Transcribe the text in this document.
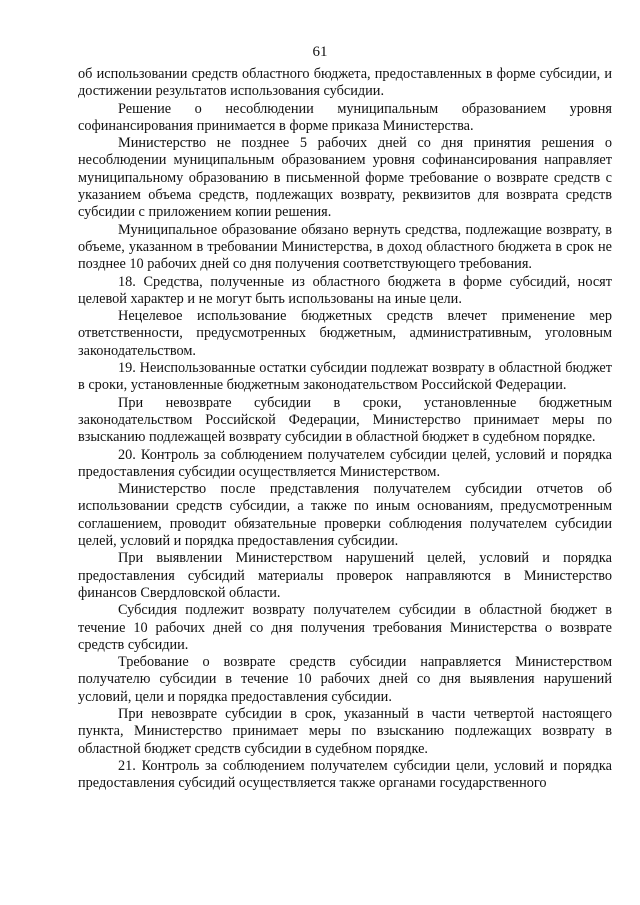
61

об использовании средств областного бюджета, предоставленных в форме субсидии, и достижении результатов использования субсидии.

Решение о несоблюдении муниципальным образованием уровня софинансирования принимается в форме приказа Министерства.

Министерство не позднее 5 рабочих дней со дня принятия решения о несоблюдении муниципальным образованием уровня софинансирования направляет муниципальному образованию в письменной форме требование о возврате средств с указанием объема средств, подлежащих возврату, реквизитов для возврата средств субсидии с приложением копии решения.

Муниципальное образование обязано вернуть средства, подлежащие возврату, в объеме, указанном в требовании Министерства, в доход областного бюджета в срок не позднее 10 рабочих дней со дня получения соответствующего требования.

18. Средства, полученные из областного бюджета в форме субсидий, носят целевой характер и не могут быть использованы на иные цели.

Нецелевое использование бюджетных средств влечет применение мер ответственности, предусмотренных бюджетным, административным, уголовным законодательством.

19. Неиспользованные остатки субсидии подлежат возврату в областной бюджет в сроки, установленные бюджетным законодательством Российской Федерации.

При невозврате субсидии в сроки, установленные бюджетным законодательством Российской Федерации, Министерство принимает меры по взысканию подлежащей возврату субсидии в областной бюджет в судебном порядке.

20. Контроль за соблюдением получателем субсидии целей, условий и порядка предоставления субсидии осуществляется Министерством.

Министерство после представления получателем субсидии отчетов об использовании средств субсидии, а также по иным основаниям, предусмотренным соглашением, проводит обязательные проверки соблюдения получателем субсидии целей, условий и порядка предоставления субсидии.

При выявлении Министерством нарушений целей, условий и порядка предоставления субсидий материалы проверок направляются в Министерство финансов Свердловской области.

Субсидия подлежит возврату получателем субсидии в областной бюджет в течение 10 рабочих дней со дня получения требования Министерства о возврате средств субсидии.

Требование о возврате средств субсидии направляется Министерством получателю субсидии в течение 10 рабочих дней со дня выявления нарушений условий, цели и порядка предоставления субсидии.

При невозврате субсидии в срок, указанный в части четвертой настоящего пункта, Министерство принимает меры по взысканию подлежащих возврату в областной бюджет средств субсидии в судебном порядке.

21. Контроль за соблюдением получателем субсидии цели, условий и порядка предоставления субсидий осуществляется также органами государственного
